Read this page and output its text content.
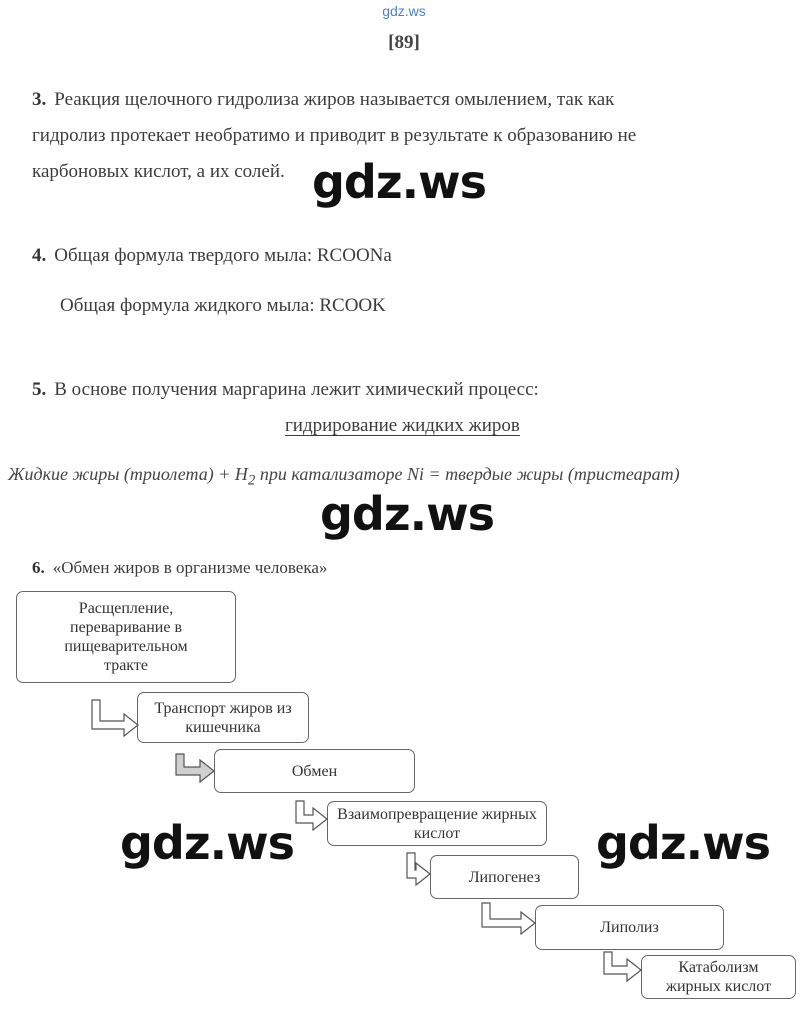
gdz.ws
[89]
3. Реакция щелочного гидролиза жиров называется омылением, так как
гидролиз протекает необратимо и приводит в результате к образованию не
карбоновых кислот, а их солей. gdz.ws
4. Общая формула твердого мыла: RCOONa
Общая формула жидкого мыла: RCOOK
5. В основе получения маргарина лежит химический процесс:
гидрирование жидких жиров
Жидкие жиры (триолета) + $H_2$ при катализаторе Ni = твердые жиры (тристеарат)
gdz.ws
6. «Обмен жиров в организме человека»
Расщепление, переваривание в пищеварительном тракте
Транспорт жиров из кишечника
Обмен
Взаимопревращение жирных кислот
Липогенез
Липолиз
Катаболизм жирных кислот
gdz.ws	gdz.ws
